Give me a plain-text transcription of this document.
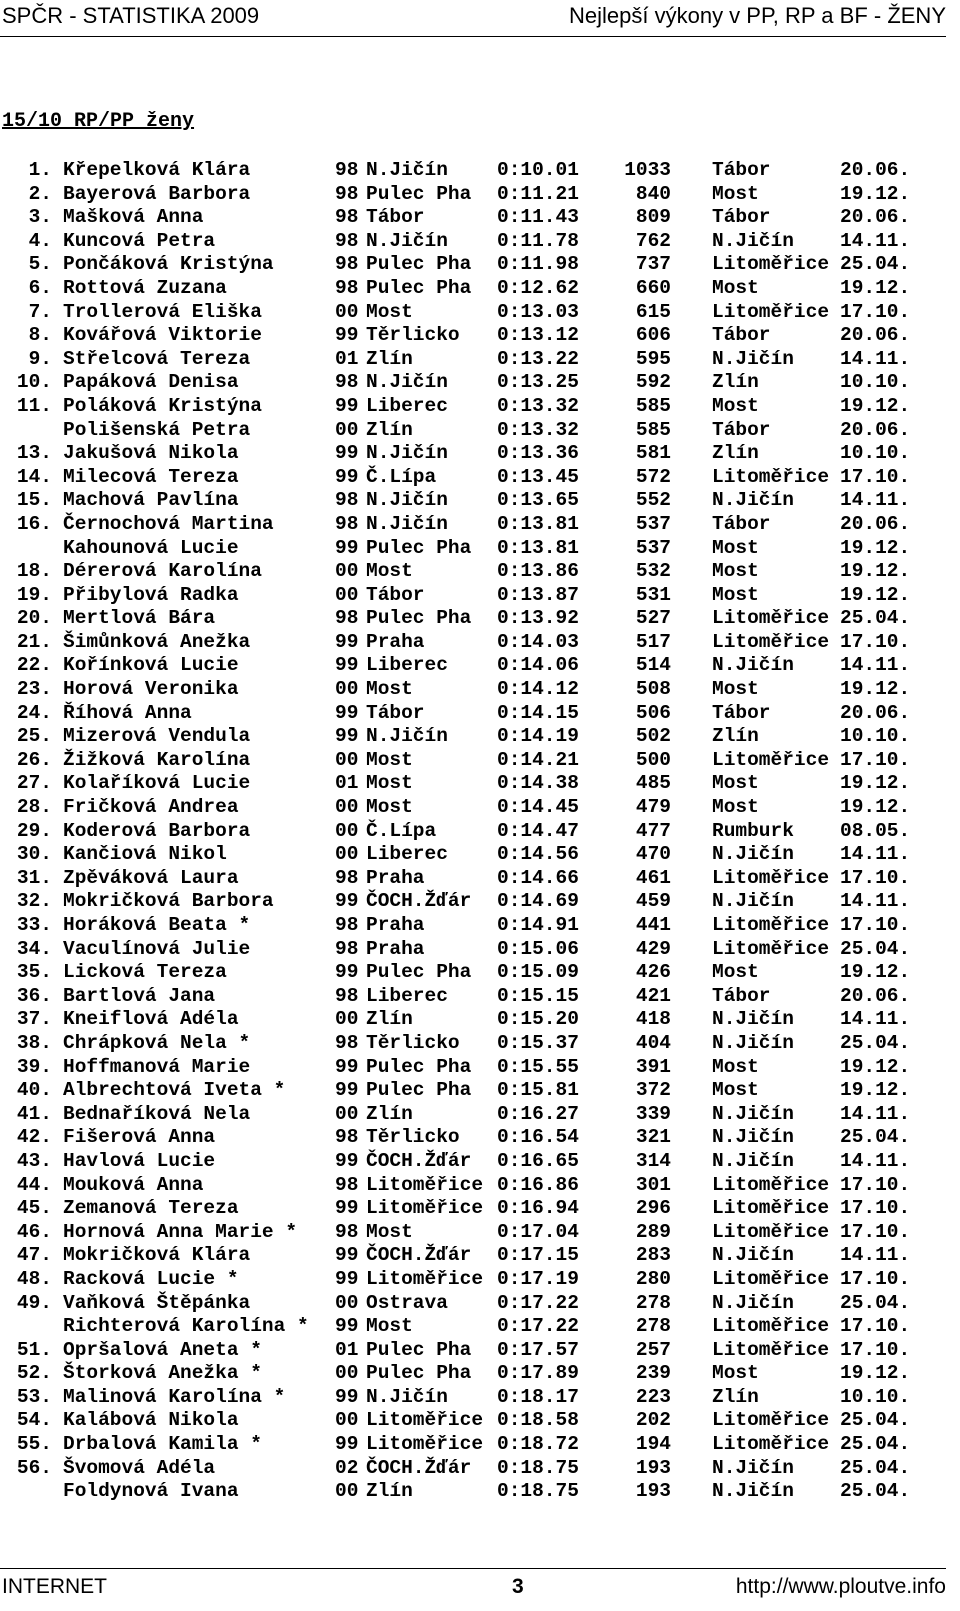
SPČR - STATISTIKA 2009	Nejlepší výkony v PP, RP a BF - ŽENY
15/10 RP/PP ženy
1. Křepelková Klára	98 N.Jičín	0:10.01	1033 Tábor	20.06.
2. Bayerová Barbora	98 Pulec Pha 0:11.21	840 Most	19.12.
3. Mašková Anna	98 Tábor	0:11.43	809 Tábor	20.06.
4. Kuncová Petra	98 N.Jičín	0:11.78	762 N.Jičín 14.11.
5. Pončáková Kristýna	98 Pulec Pha 0:11.98	737 Litoměřice 25.04.
6. Rottová Zuzana	98 Pulec Pha 0:12.62	660 Most	19.12.
7. Trollerová Eliška	00 Most	0:13.03	615 Litoměřice 17.10.
8. Kovářová Viktorie	99 Těrlicko 0:13.12	606 Tábor	20.06.
9. Střelcová Tereza	01 Zlín	0:13.22	595 N.Jičín 14.11.
10. Papáková Denisa	98 N.Jičín	0:13.25	592 Zlín	10.10.
11. Poláková Kristýna	99 Liberec	0:13.32	585 Most	19.12.
Polišenská Petra	00 Zlín	0:13.32	585 Tábor	20.06.
13. Jakušová Nikola	99 N.Jičín	0:13.36	581 Zlín	10.10.
14. Milecová Tereza	99 Č.Lípa	0:13.45	572 Litoměřice 17.10.
15. Machová Pavlína	98 N.Jičín	0:13.65	552 N.Jičín 14.11.
16. Černochová Martina	98 N.Jičín	0:13.81	537 Tábor	20.06.
Kahounová Lucie	99 Pulec Pha 0:13.81	537 Most	19.12.
18. Dérerová Karolína	00 Most	0:13.86	532 Most	19.12.
19. Přibylová Radka	00 Tábor	0:13.87	531 Most	19.12.
20. Mertlová Bára	98 Pulec Pha 0:13.92	527 Litoměřice 25.04.
21. Šimůnková Anežka	99 Praha	0:14.03	517 Litoměřice 17.10.
22. Kořínková Lucie	99 Liberec	0:14.06	514 N.Jičín 14.11.
23. Horová Veronika	00 Most	0:14.12	508 Most	19.12.
24. Říhová Anna	99 Tábor	0:14.15	506 Tábor	20.06.
25. Mizerová Vendula	99 N.Jičín	0:14.19	502 Zlín	10.10.
26. Žižková Karolína	00 Most	0:14.21	500 Litoměřice 17.10.
27. Kolaříková Lucie	01 Most	0:14.38	485 Most	19.12.
28. Fričková Andrea	00 Most	0:14.45	479 Most	19.12.
29. Koderová Barbora	00 Č.Lípa	0:14.47	477 Rumburk 08.05.
30. Kančiová Nikol	00 Liberec	0:14.56	470 N.Jičín 14.11.
31. Zpěváková Laura	98 Praha	0:14.66	461 Litoměřice 17.10.
32. Mokričková Barbora	99 ČOCH.Žďár 0:14.69	459 N.Jičín 14.11.
33. Horáková Beata *	98 Praha	0:14.91	441 Litoměřice 17.10.
34. Vaculínová Julie	98 Praha	0:15.06	429 Litoměřice 25.04.
35. Licková Tereza	99 Pulec Pha 0:15.09	426 Most	19.12.
36. Bartlová Jana	98 Liberec	0:15.15	421 Tábor	20.06.
37. Kneiflová Adéla	00 Zlín	0:15.20	418 N.Jičín 14.11.
38. Chrápková Nela *	98 Těrlicko 0:15.37	404 N.Jičín 25.04.
39. Hoffmanová Marie	99 Pulec Pha 0:15.55	391 Most	19.12.
40. Albrechtová Iveta *	99 Pulec Pha 0:15.81	372 Most	19.12.
41. Bednaříková Nela	00 Zlín	0:16.27	339 N.Jičín 14.11.
42. Fišerová Anna	98 Těrlicko 0:16.54	321 N.Jičín 25.04.
43. Havlová Lucie	99 ČOCH.Žďár 0:16.65	314 N.Jičín 14.11.
44. Mouková Anna	98 Litoměřice 0:16.86	301 Litoměřice 17.10.
45. Zemanová Tereza	99 Litoměřice 0:16.94	296 Litoměřice 17.10.
46. Hornová Anna Marie * 98 Most	0:17.04	289 Litoměřice 17.10.
47. Mokričková Klára	99 ČOCH.Žďár 0:17.15	283 N.Jičín 14.11.
48. Racková Lucie *	99 Litoměřice 0:17.19	280 Litoměřice 17.10.
49. Vaňková Štěpánka	00 Ostrava	0:17.22	278 N.Jičín 25.04.
Richterová Karolína * 99 Most	0:17.22	278 Litoměřice 17.10.
51. Opršalová Aneta *	01 Pulec Pha 0:17.57	257 Litoměřice 17.10.
52. Štorková Anežka *	00 Pulec Pha 0:17.89	239 Most	19.12.
53. Malinová Karolína *	99 N.Jičín	0:18.17	223 Zlín	10.10.
54. Kalábová Nikola	00 Litoměřice 0:18.58	202 Litoměřice 25.04.
55. Drbalová Kamila *	99 Litoměřice 0:18.72	194 Litoměřice 25.04.
56. Švomová Adéla	02 ČOCH.Žďár 0:18.75	193 N.Jičín 25.04.
Foldynová Ivana	00 Zlín	0:18.75	193 N.Jičín 25.04.
INTERNET	3	http://www.ploutve.info
